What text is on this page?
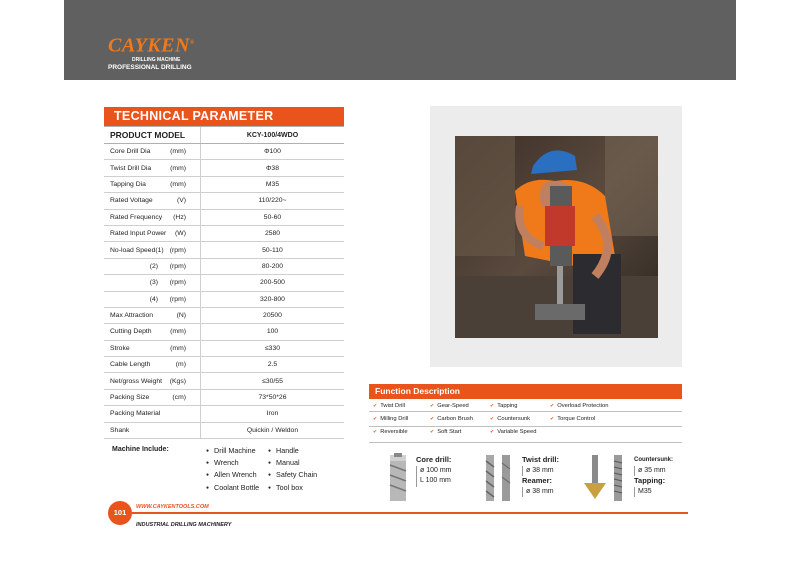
CAYKEN®
DRILLING MACHINE
PROFESSIONAL DRILLING
TECHNICAL PARAMETER
PRODUCT MODEL	KCY-100/4WDO
Core Drill Dia	(mm)	Φ100
Twist Drill Dia	(mm)	Φ38
Tapping Dia	(mm)	M35
Rated Voltage	(V)	110/220~
Rated Frequency	(Hz)	50-60
Rated Input Power	(W)	2580
No-load Speed(1) (rpm)	50-110
(2) (rpm)	80-200
(3) (rpm)	200-500
(4) (rpm)	320-800
Max Attraction	(N)	20500
Cutting Depth	(mm)	100
Stroke	(mm)	≤330
Cable Length	(m)	2.5
Net/gross Weight	(Kgs)	≤30/55
Packing Size	(cm)	73*50*26
Packing Material	Iron
Shank	Quickin / Weldon
Machine Include:	● Drill Machine	● Handle
● Wrench	● Manual
● Allen Wrench	● Safety Chain
● Coolant Bottle	● Tool box
Function Description
✔ Twist Drill	✔ Gear-Speed	✔ Tapping	✔ Overload Protection
✔ Milling Drill	✔ Carbon Brush	✔ Countersunk	✔ Torque Control
✔ Reversible	✔ Soft Start	✔ Variable Speed
Core drill:
ø 100 mm
L 100 mm
Twist drill:
ø 38 mm
Reamer:
ø 38 mm
Countersunk:
ø 35 mm
Tapping:
M35
101
WWW.CAYKENTOOLS.COM
INDUSTRIAL DRILLING MACHINERY
